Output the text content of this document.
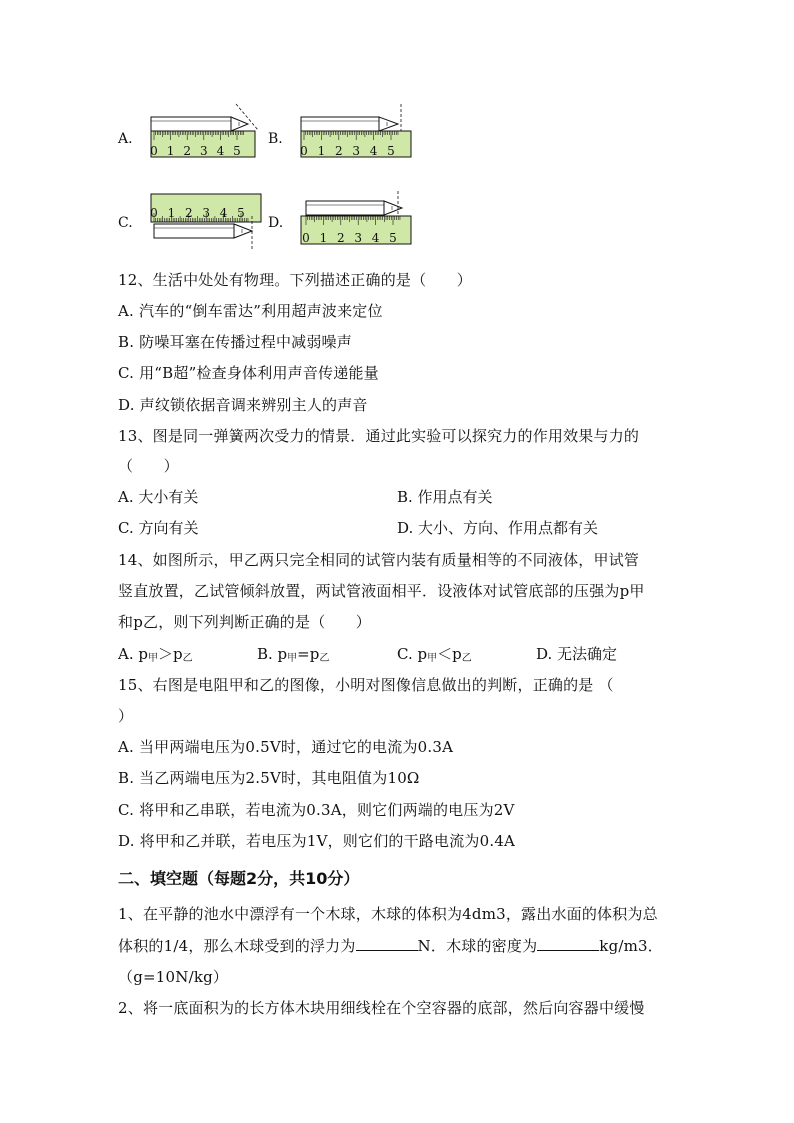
A.
0 1 2 3 4 5
B.
0 1 2 3 4 5
C.
0 1 2 3 4 5
D.
0 1 2 3 4 5
12、生活中处处有物理。下列描述正确的是（　　）
A. 汽车的“倒车雷达”利用超声波来定位
B. 防噪耳塞在传播过程中减弱噪声
C. 用“B超”检查身体利用声音传递能量
D. 声纹锁依据音调来辨别主人的声音
13、图是同一弹簧两次受力的情景．通过此实验可以探究力的作用效果与力的
（　　）
A. 大小有关	B. 作用点有关
C. 方向有关	D. 大小、方向、作用点都有关
14、如图所示，甲乙两只完全相同的试管内装有质量相等的不同液体，甲试管
竖直放置，乙试管倾斜放置，两试管液面相平．设液体对试管底部的压强为p甲
和p乙，则下列判断正确的是（　　）
A. $p_甲>p_乙$	B. $p_甲=p_乙$	C. $p_甲<p_乙$	D. 无法确定
15、右图是电阻甲和乙的图像，小明对图像信息做出的判断，正确的是 （
）
A. 当甲两端电压为0.5V时，通过它的电流为0.3A
B. 当乙两端电压为2.5V时，其电阻值为10Ω
C. 将甲和乙串联，若电流为0.3A，则它们两端的电压为2V
D. 将甲和乙并联，若电压为1V，则它们的干路电流为0.4A
二、填空题（每题2分，共10分）
1、在平静的池水中漂浮有一个木球，木球的体积为4dm3，露出水面的体积为总
体积的1/4，那么木球受到的浮力为	N．木球的密度为	kg/m3．
（g=10N/kg）
2、将一底面积为的长方体木块用细线栓在个空容器的底部，然后向容器中缓慢
